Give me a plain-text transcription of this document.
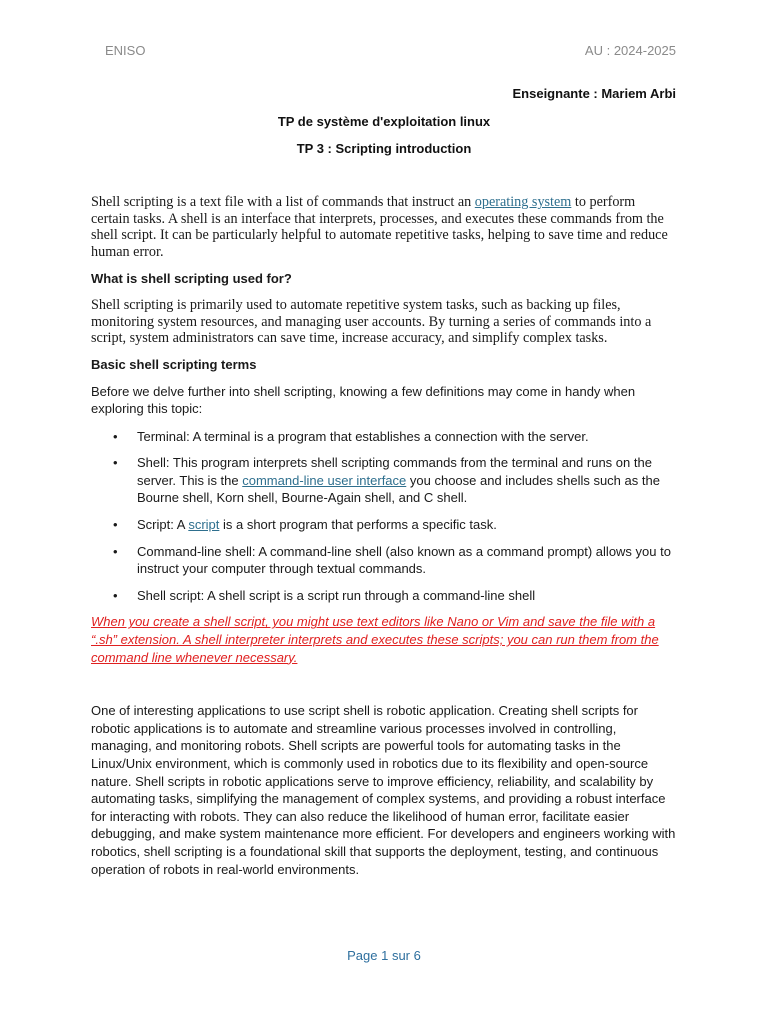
ENISO	AU : 2024-2025
Enseignante : Mariem Arbi
TP de système d'exploitation linux
TP 3 : Scripting introduction

Shell scripting is a text file with a list of commands that instruct an operating system to perform certain tasks. A shell is an interface that interprets, processes, and executes these commands from the shell script. It can be particularly helpful to automate repetitive tasks, helping to save time and reduce human error.

What is shell scripting used for?

Shell scripting is primarily used to automate repetitive system tasks, such as backing up files, monitoring system resources, and managing user accounts. By turning a series of commands into a script, system administrators can save time, increase accuracy, and simplify complex tasks.

Basic shell scripting terms

Before we delve further into shell scripting, knowing a few definitions may come in handy when exploring this topic:

• Terminal: A terminal is a program that establishes a connection with the server.
• Shell: This program interprets shell scripting commands from the terminal and runs on the server. This is the command-line user interface you choose and includes shells such as the Bourne shell, Korn shell, Bourne-Again shell, and C shell.
• Script: A script is a short program that performs a specific task.
• Command-line shell: A command-line shell (also known as a command prompt) allows you to instruct your computer through textual commands.
• Shell script: A shell script is a script run through a command-line shell

When you create a shell script, you might use text editors like Nano or Vim and save the file with a “.sh” extension. A shell interpreter interprets and executes these scripts; you can run them from the command line whenever necessary.

One of interesting applications to use script shell is robotic application. Creating shell scripts for robotic applications is to automate and streamline various processes involved in controlling, managing, and monitoring robots. Shell scripts are powerful tools for automating tasks in the Linux/Unix environment, which is commonly used in robotics due to its flexibility and open-source nature. Shell scripts in robotic applications serve to improve efficiency, reliability, and scalability by automating tasks, simplifying the management of complex systems, and providing a robust interface for interacting with robots. They can also reduce the likelihood of human error, facilitate easier debugging, and make system maintenance more efficient. For developers and engineers working with robotics, shell scripting is a foundational skill that supports the deployment, testing, and continuous operation of robots in real-world environments.

Page 1 sur 6
